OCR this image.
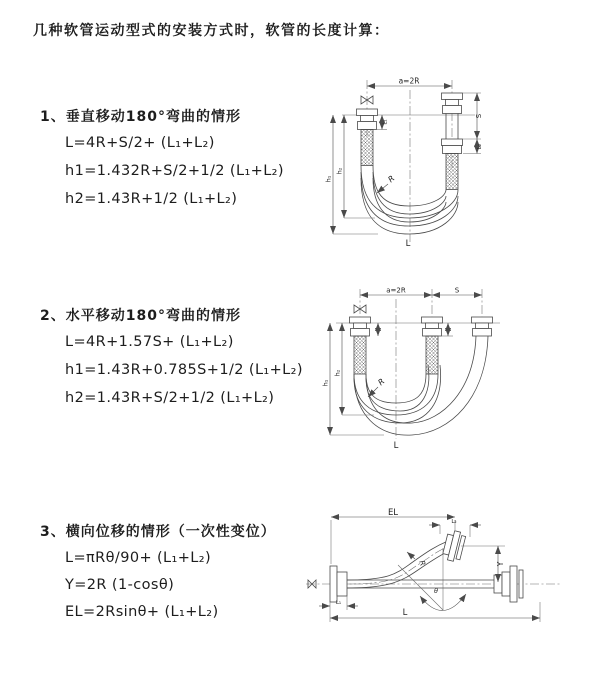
几种软管运动型式的安装方式时，软管的长度计算：
1、垂直移动180°弯曲的情形
L=4R+S/2+ (L₁+L₂)
h1=1.432R+S/2+1/2 (L₁+L₂)
h2=1.43R+1/2 (L₁+L₂)
2、水平移动180°弯曲的情形
L=4R+1.57S+ (L₁+L₂)
h1=1.43R+0.785S+1/2 (L₁+L₂)
h2=1.43R+S/2+1/2 (L₁+L₂)
3、横向位移的情形（一次性变位）
L=πRθ/90+ (L₁+L₂)
Y=2R (1-cosθ)
EL=2Rsinθ+ (L₁+L₂)
a=2R
h₁
h₂
L₁
S
L₂
R
L
a=2R	S
h₁
h₂
R
L
EL
L₂
Y
θ
R
L₁
L
